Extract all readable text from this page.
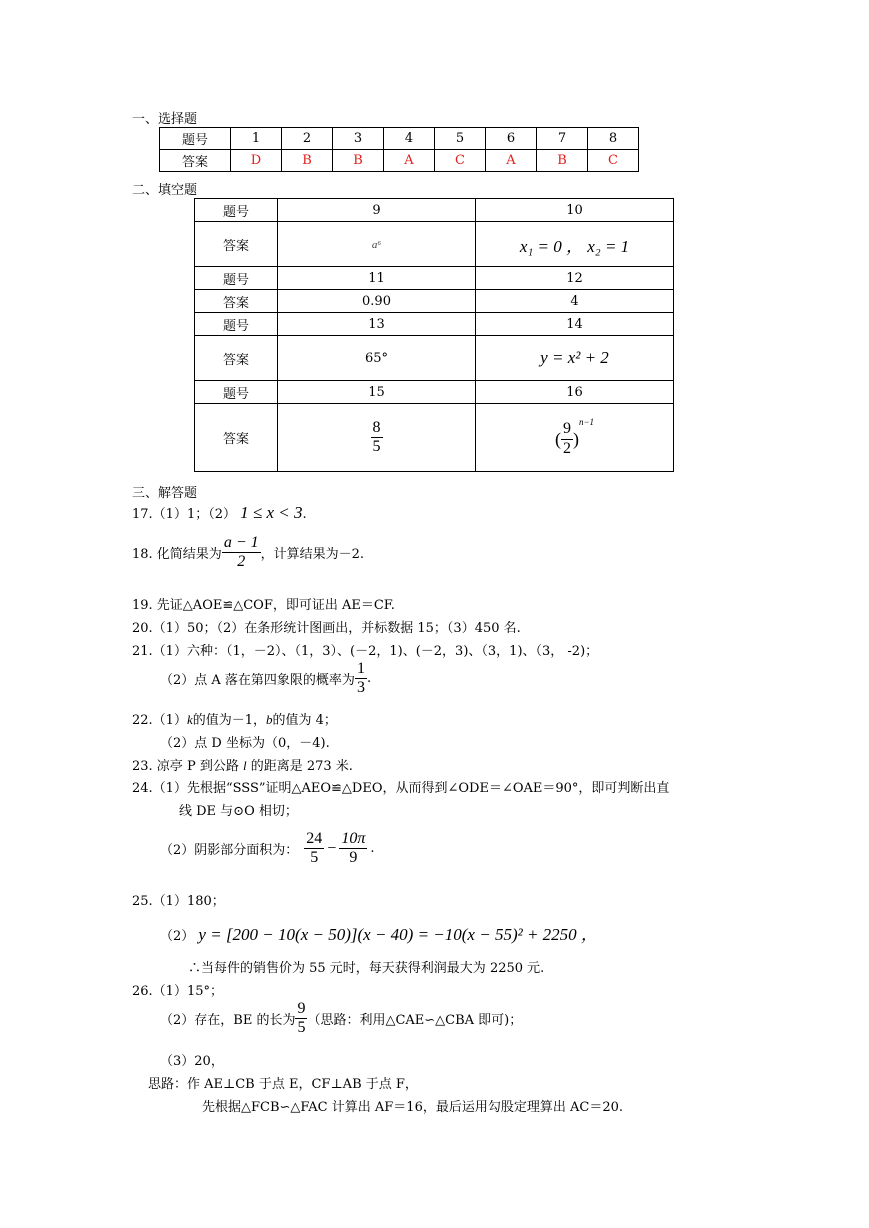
一、选择题
题号	1	2	3	4	5	6	7	8
答案	D	B	B	A	C	A	B	C
二、填空题
题号	9	10
答案	a⁶	x₁ = 0 ， x₂ = 1
题号	11	12
答案	0.90	4
题号	13	14
答案	65°	y = x² + 2
题号	15	16
答案	$\frac{8}{5}$	( $\frac{9}{2} )^{n-1}$
三、解答题
17.（1）1；（2） 1 ≤ x < 3.
18. 化简结果为 $\frac{a - 1}{2}$ ，计算结果为－2.
19. 先证△AOE≌△COF，即可证出 AE＝CF.
20.（1）50；（2）在条形统计图画出，并标数据 15；（3）450 名.
21.（1）六种：（1，－2）、（1，3）、(－2，1)、(－2，3)、（3，1)、（3， -2)；
（2）点 A 落在第四象限的概率为 $\frac{1}{3}$ .
22.（1）k的值为－1，b的值为 4；
（2）点 D 坐标为（0，－4).
23. 凉亭 P 到公路 l 的距离是 273 米.
24.（1）先根据“SSS”证明△AEO≌△DEO，从而得到∠ODE＝∠OAE＝90°，即可判断出直
线 DE 与⊙O 相切；
（2）阴影部分面积为： $\frac{24}{5} - \frac{10\pi}{9}$ .
25.（1）180；
（2） y = [200 − 10(x − 50)](x − 40) = −10(x − 55)² + 2250 ，
∴当每件的销售价为 55 元时，每天获得利润最大为 2250 元.
26.（1）15°；
（2）存在，BE 的长为 $\frac{9}{5}$ （思路：利用△CAE∽△CBA 即可)；
（3）20，
思路：作 AE⊥CB 于点 E，CF⊥AB 于点 F，
先根据△FCB∽△FAC 计算出 AF＝16，最后运用勾股定理算出 AC＝20.
